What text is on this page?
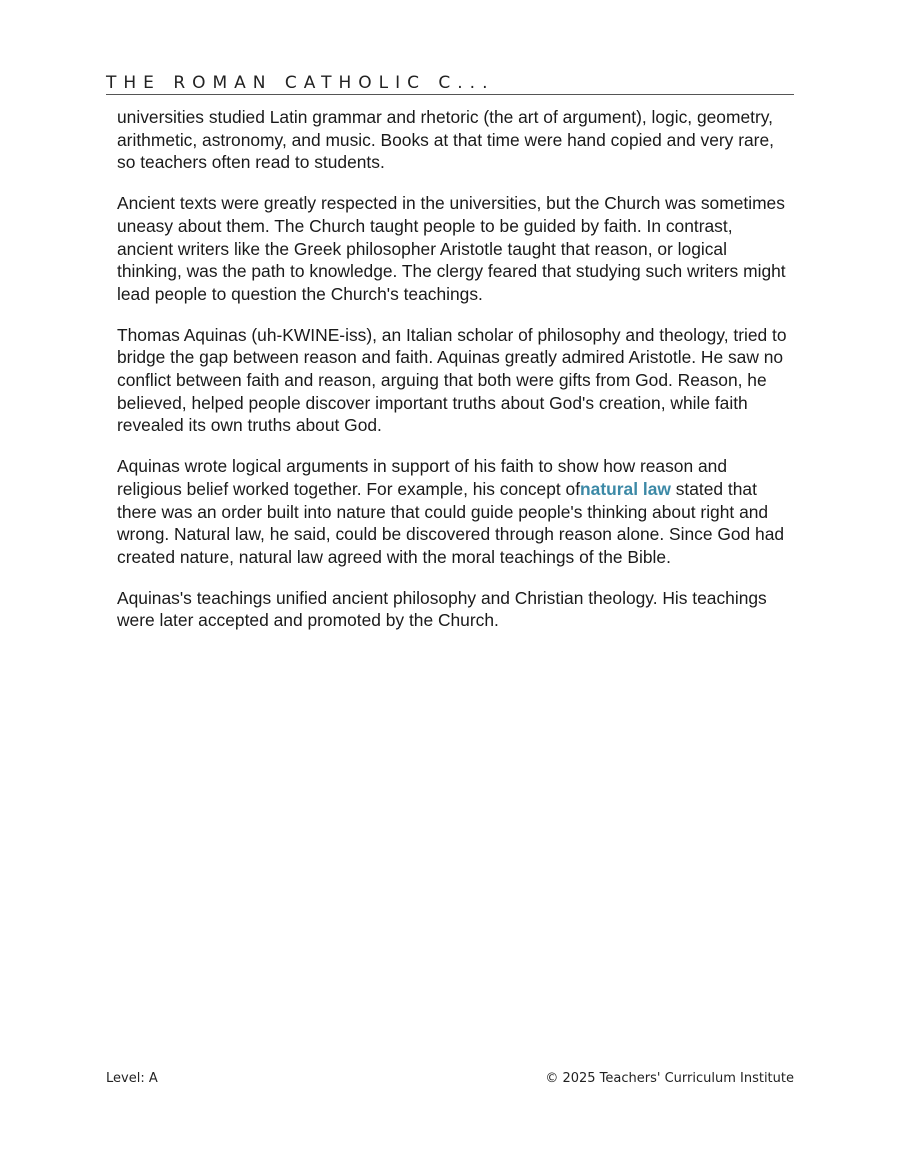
THE ROMAN CATHOLIC C...

universities studied Latin grammar and rhetoric (the art of argument), logic, geometry, arithmetic, astronomy, and music. Books at that time were hand copied and very rare, so teachers often read to students.

Ancient texts were greatly respected in the universities, but the Church was sometimes uneasy about them. The Church taught people to be guided by faith. In contrast, ancient writers like the Greek philosopher Aristotle taught that reason, or logical thinking, was the path to knowledge. The clergy feared that studying such writers might lead people to question the Church's teachings.

Thomas Aquinas (uh-KWINE-iss), an Italian scholar of philosophy and theology, tried to bridge the gap between reason and faith. Aquinas greatly admired Aristotle. He saw no conflict between faith and reason, arguing that both were gifts from God. Reason, he believed, helped people discover important truths about God's creation, while faith revealed its own truths about God.

Aquinas wrote logical arguments in support of his faith to show how reason and religious belief worked together. For example, his concept ofnatural law stated that there was an order built into nature that could guide people's thinking about right and wrong. Natural law, he said, could be discovered through reason alone. Since God had created nature, natural law agreed with the moral teachings of the Bible.

Aquinas's teachings unified ancient philosophy and Christian theology. His teachings were later accepted and promoted by the Church.

Level: A	© 2025 Teachers' Curriculum Institute
